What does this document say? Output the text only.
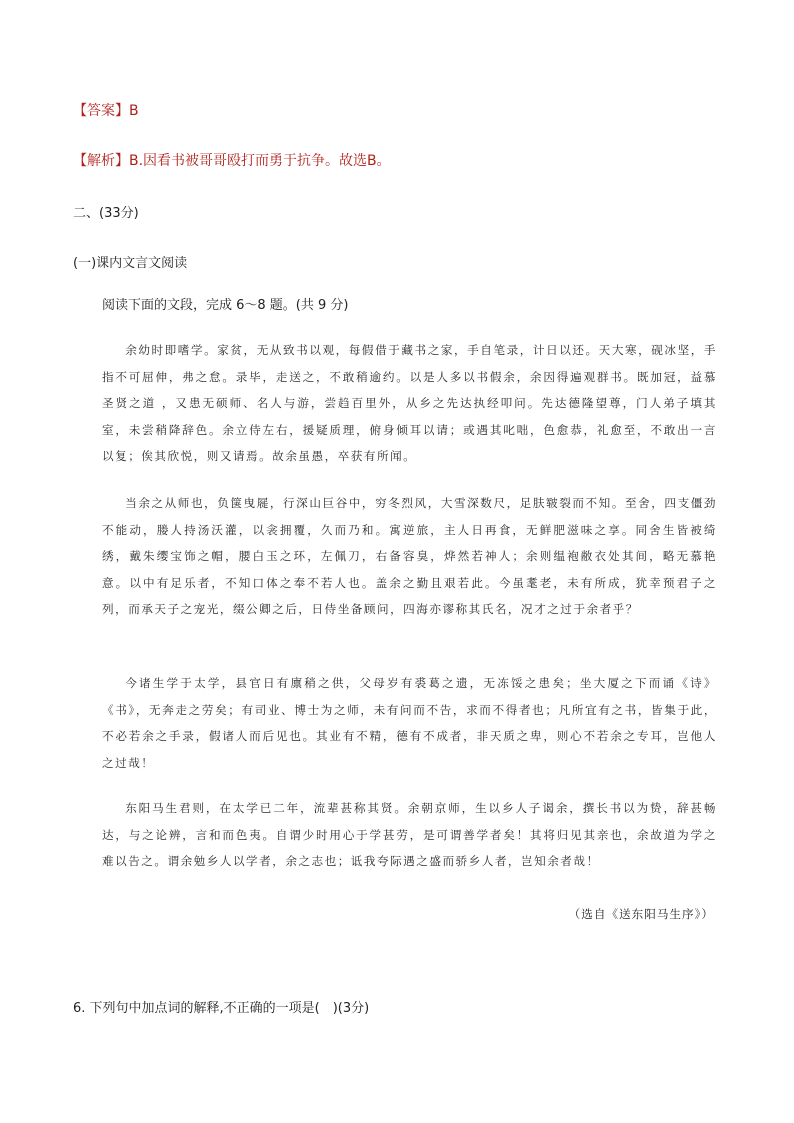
【答案】B
【解析】B.因看书被哥哥殴打而勇于抗争。故选B。
二、(33分)
(一)课内文言文阅读
阅读下面的文段，完成 6～8 题。(共 9 分)

余幼时即嗜学。家贫，无从致书以观，每假借于藏书之家，手自笔录，计日以还。天大寒，砚冰坚，手指不可屈伸，弗之怠。录毕，走送之，不敢稍逾约。以是人多以书假余，余因得遍观群书。既加冠，益慕圣贤之道 ，又患无硕师、名人与游，尝趋百里外，从乡之先达执经叩问。先达德隆望尊，门人弟子填其室，未尝稍降辞色。余立侍左右，援疑质理，俯身倾耳以请；或遇其叱咄，色愈恭，礼愈至，不敢出一言以复；俟其欣悦，则又请焉。故余虽愚，卒获有所闻。

当余之从师也，负箧曳屣，行深山巨谷中，穷冬烈风，大雪深数尺，足肤皲裂而不知。至舍，四支僵劲不能动，媵人持汤沃灌，以衾拥覆，久而乃和。寓逆旅，主人日再食，无鲜肥滋味之享。同舍生皆被绮绣，戴朱缨宝饰之帽，腰白玉之环，左佩刀，右备容臭，烨然若神人；余则缊袍敝衣处其间，略无慕艳意。以中有足乐者，不知口体之奉不若人也。盖余之勤且艰若此。今虽耄老，未有所成，犹幸预君子之列，而承天子之宠光，缀公卿之后，日侍坐备顾问，四海亦谬称其氏名，况才之过于余者乎？

今诸生学于太学，县官日有廪稍之供，父母岁有裘葛之遗，无冻馁之患矣；坐大厦之下而诵《诗》《书》，无奔走之劳矣；有司业、博士为之师，未有问而不告，求而不得者也；凡所宜有之书，皆集于此，不必若余之手录，假诸人而后见也。其业有不精，德有不成者，非天质之卑，则心不若余之专耳，岂他人之过哉！

东阳马生君则，在太学已二年，流辈甚称其贤。余朝京师，生以乡人子谒余，撰长书以为贽，辞甚畅达，与之论辨，言和而色夷。自谓少时用心于学甚劳，是可谓善学者矣！其将归见其亲也，余故道为学之难以告之。谓余勉乡人以学者，余之志也；诋我夸际遇之盛而骄乡人者，岂知余者哉！

（选自《送东阳马生序》）
6. 下列句中加点词的解释,不正确的一项是(　)(3分)
